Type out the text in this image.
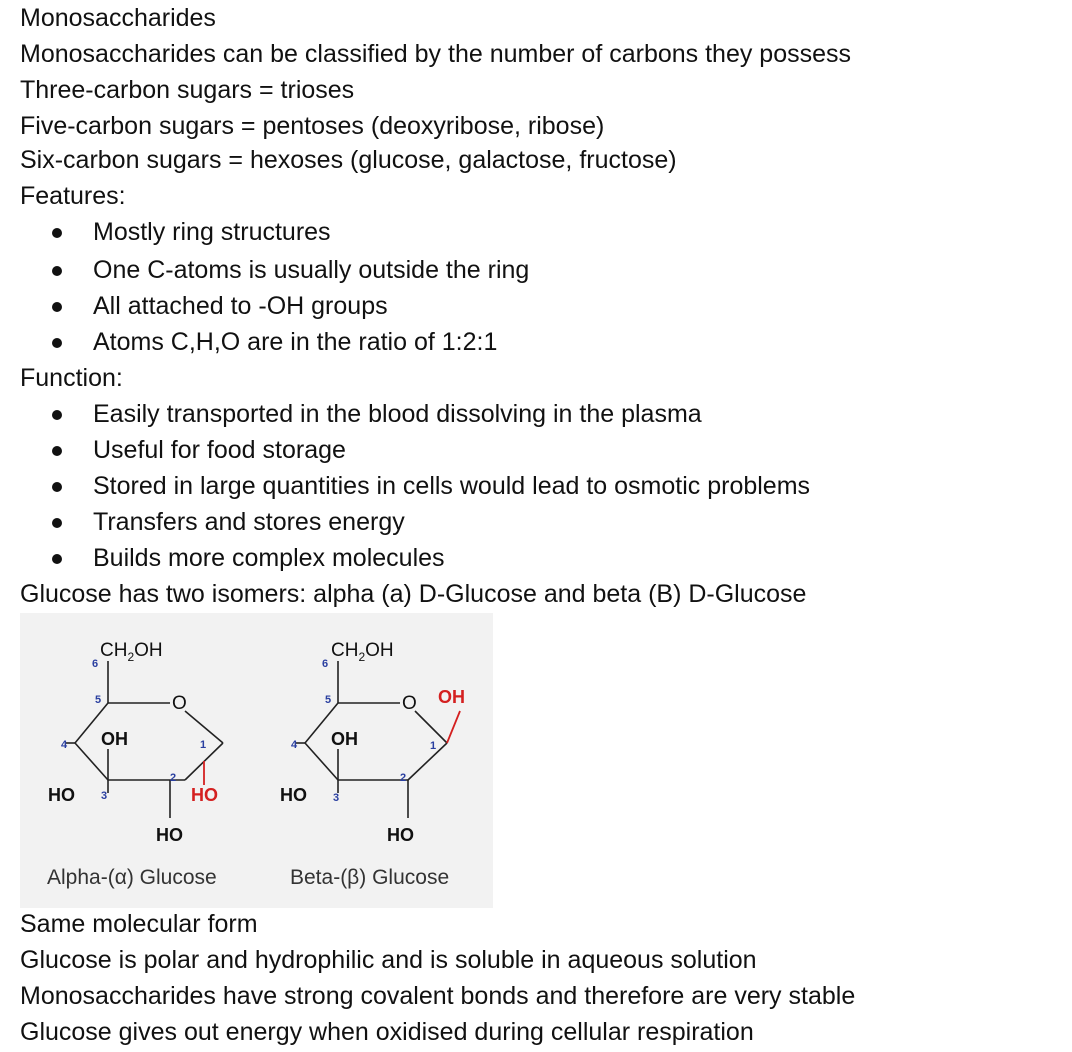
Monosaccharides
Monosaccharides can be classified by the number of carbons they possess
Three-carbon sugars = trioses
Five-carbon sugars = pentoses (deoxyribose, ribose)
Six-carbon sugars = hexoses (glucose, galactose, fructose)
Features:
Mostly ring structures
One C-atoms is usually outside the ring
All attached to -OH groups
Atoms C,H,O are in the ratio of 1:2:1
Function:
Easily transported in the blood dissolving in the plasma
Useful for food storage
Stored in large quantities in cells would lead to osmotic problems
Transfers and stores energy
Builds more complex molecules
Glucose has two isomers: alpha (a) D-Glucose and beta (B) D-Glucose
$CH_2OH$
O
OH
HO	HO
HO
6
5
4
3
2
1
$CH_2OH$
O OH
OH
HO
HO
6
5
4
3
2
1
Alpha-(α) Glucose	Beta-(β) Glucose
Same molecular form
Glucose is polar and hydrophilic and is soluble in aqueous solution
Monosaccharides have strong covalent bonds and therefore are very stable
Glucose gives out energy when oxidised during cellular respiration
